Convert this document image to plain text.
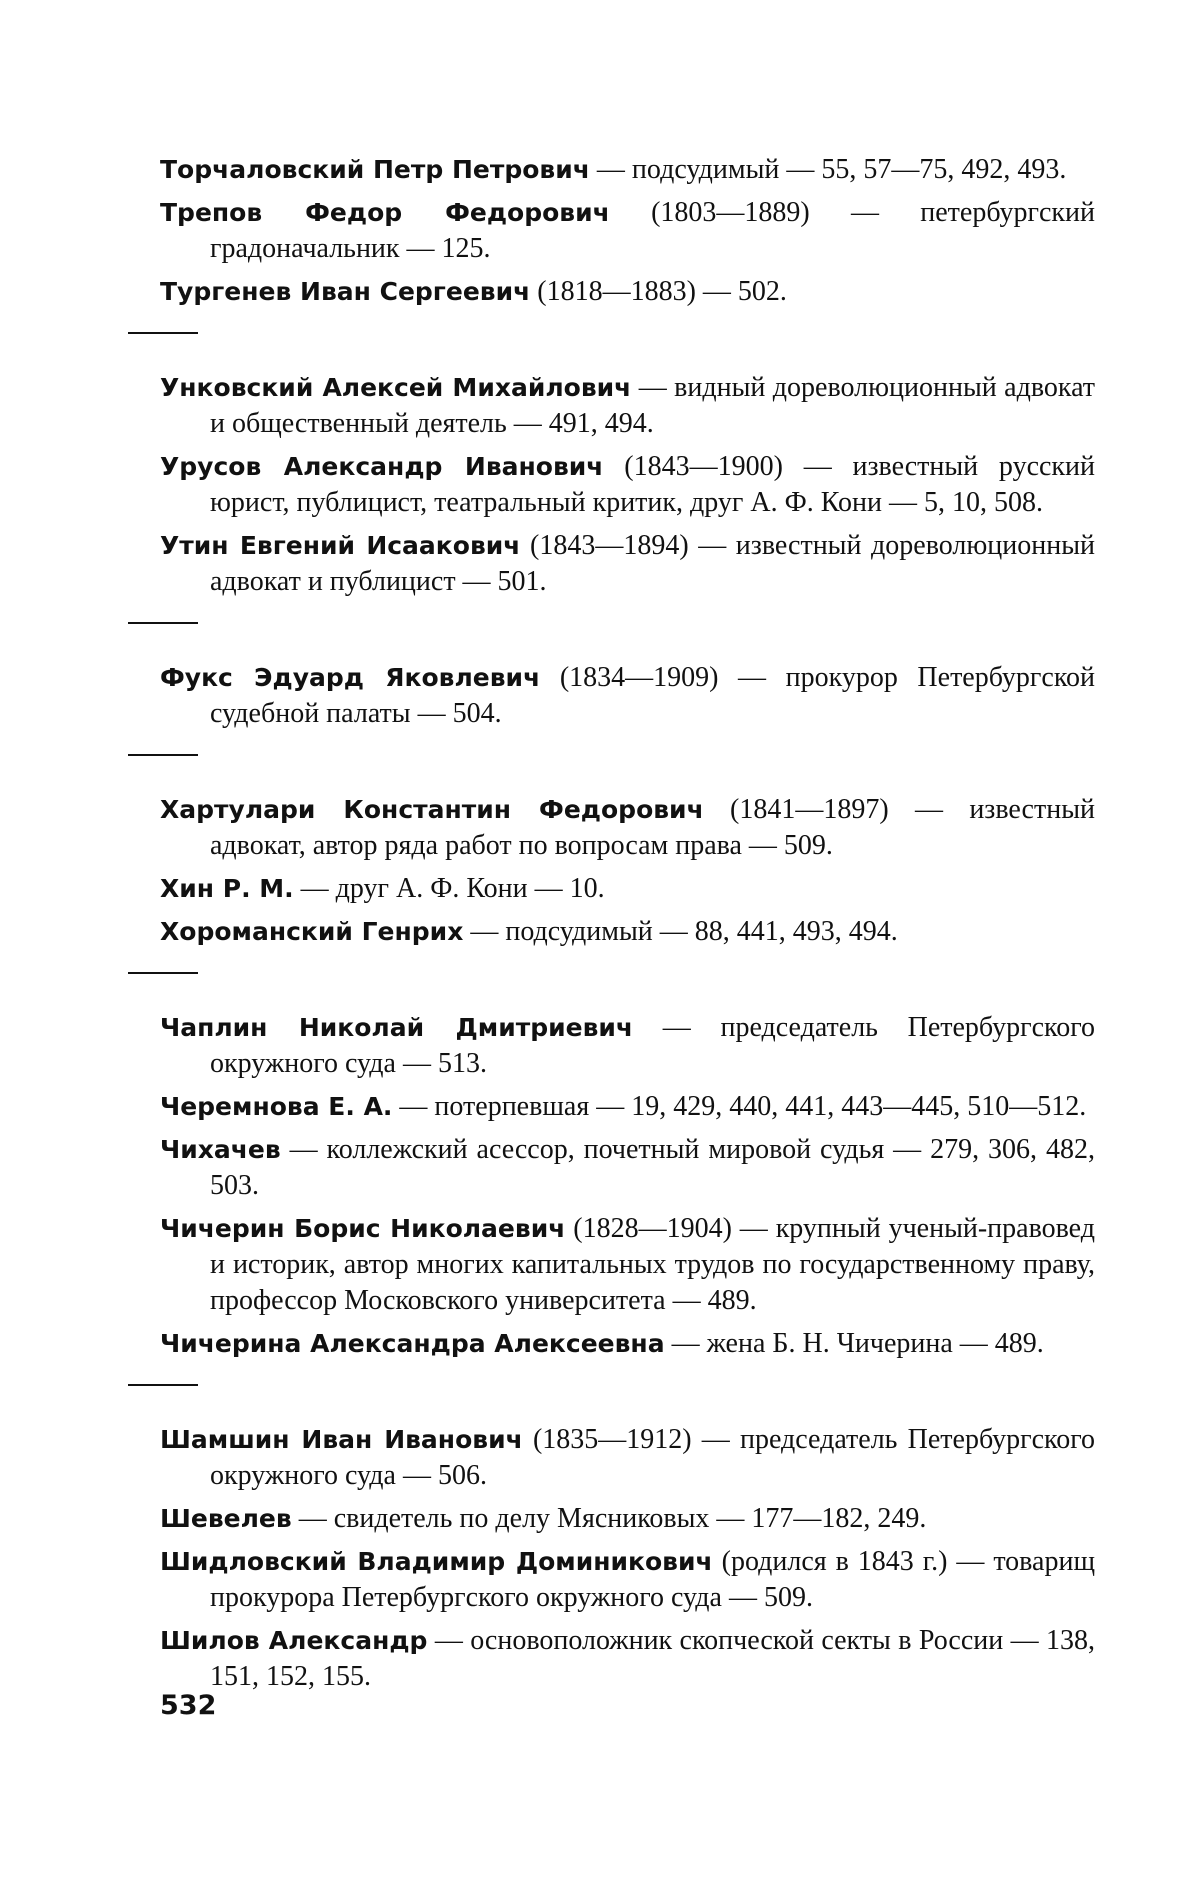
Торчаловский Петр Петрович — подсудимый — 55, 57—75, 492, 493.

Трепов Федор Федорович (1803—1889) — петербургский градоначальник — 125.

Тургенев Иван Сергеевич (1818—1883) — 502.

Унковский Алексей Михайлович — видный дореволюционный адвокат и общественный деятель — 491, 494.

Урусов Александр Иванович (1843—1900) — известный русский юрист, публицист, театральный критик, друг А. Ф. Кони — 5, 10, 508.

Утин Евгений Исаакович (1843—1894) — известный дореволюционный адвокат и публицист — 501.

Фукс Эдуард Яковлевич (1834—1909) — прокурор Петербургской судебной палаты — 504.

Хартулари Константин Федорович (1841—1897) — известный адвокат, автор ряда работ по вопросам права — 509.

Хин Р. М. — друг А. Ф. Кони — 10.

Хороманский Генрих — подсудимый — 88, 441, 493, 494.

Чаплин Николай Дмитриевич — председатель Петербургского окружного суда — 513.

Черемнова Е. А. — потерпевшая — 19, 429, 440, 441, 443—445, 510—512.

Чихачев — коллежский асессор, почетный мировой судья — 279, 306, 482, 503.

Чичерин Борис Николаевич (1828—1904) — крупный ученый-правовед и историк, автор многих капитальных трудов по государственному праву, профессор Московского университета — 489.

Чичерина Александра Алексеевна — жена Б. Н. Чичерина — 489.

Шамшин Иван Иванович (1835—1912) — председатель Петербургского окружного суда — 506.

Шевелев — свидетель по делу Мясниковых — 177—182, 249.

Шидловский Владимир Доминикович (родился в 1843 г.) — товарищ прокурора Петербургского окружного суда — 509.

Шилов Александр — основоположник скопческой секты в России — 138, 151, 152, 155.

532
